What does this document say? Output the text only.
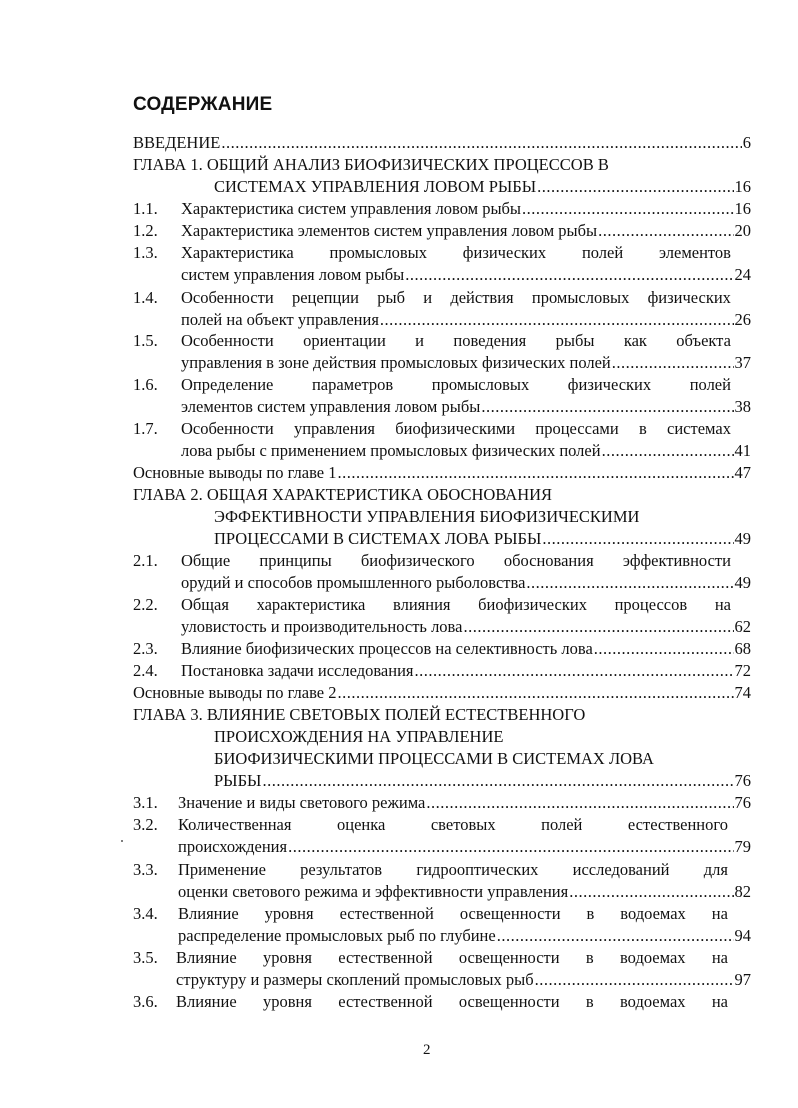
СОДЕРЖАНИЕ
ВВЕДЕНИЕ .....	6
ГЛАВА 1. ОБЩИЙ АНАЛИЗ БИОФИЗИЧЕСКИХ ПРОЦЕССОВ В
СИСТЕМАХ УПРАВЛЕНИЯ ЛОВОМ РЫБЫ .....	16
1.1. Характеристика систем управления ловом рыбы .....	16
1.2. Характеристика элементов систем управления ловом рыбы .....	20
1.3. Характеристика промысловых физических полей элементов
систем управления ловом рыбы .....	24
1.4. Особенности рецепции рыб и действия промысловых физических
полей на объект управления .....	26
1.5. Особенности ориентации и поведения рыбы как объекта
управления в зоне действия промысловых физических полей .....	37
1.6. Определение параметров промысловых физических полей
элементов систем управления ловом рыбы .....	38
1.7. Особенности управления биофизическими процессами в системах
лова рыбы с применением промысловых физических полей .....	41
Основные выводы по главе 1 .....	47
ГЛАВА 2. ОБЩАЯ ХАРАКТЕРИСТИКА ОБОСНОВАНИЯ
ЭФФЕКТИВНОСТИ УПРАВЛЕНИЯ БИОФИЗИЧЕСКИМИ
ПРОЦЕССАМИ В СИСТЕМАХ ЛОВА РЫБЫ .....	49
2.1. Общие принципы биофизического обоснования эффективности
орудий и способов промышленного рыболовства .....	49
2.2. Общая характеристика влияния биофизических процессов на
уловистость и производительность лова .....	62
2.3. Влияние биофизических процессов на селективность лова .....	68
2.4. Постановка задачи исследования .....	72
Основные выводы по главе 2 .....	74
ГЛАВА 3. ВЛИЯНИЕ СВЕТОВЫХ ПОЛЕЙ ЕСТЕСТВЕННОГО
ПРОИСХОЖДЕНИЯ НА УПРАВЛЕНИЕ
БИОФИЗИЧЕСКИМИ ПРОЦЕССАМИ В СИСТЕМАХ ЛОВА
РЫБЫ .....	76
3.1. Значение и виды светового режима .....	76
3.2. Количественная	оценка	световых	полей	естественного
происхождения .....	79
3.3. Применение результатов гидрооптических исследований для
оценки светового режима и эффективности управления .....	82
3.4. Влияние уровня естественной освещенности в водоемах на
распределение промысловых рыб по глубине .....	94
3.5. Влияние уровня естественной освещенности в водоемах на
структуру и размеры скоплений промысловых рыб .....	97
3.6. Влияние уровня естественной освещенности в водоемах на
2
